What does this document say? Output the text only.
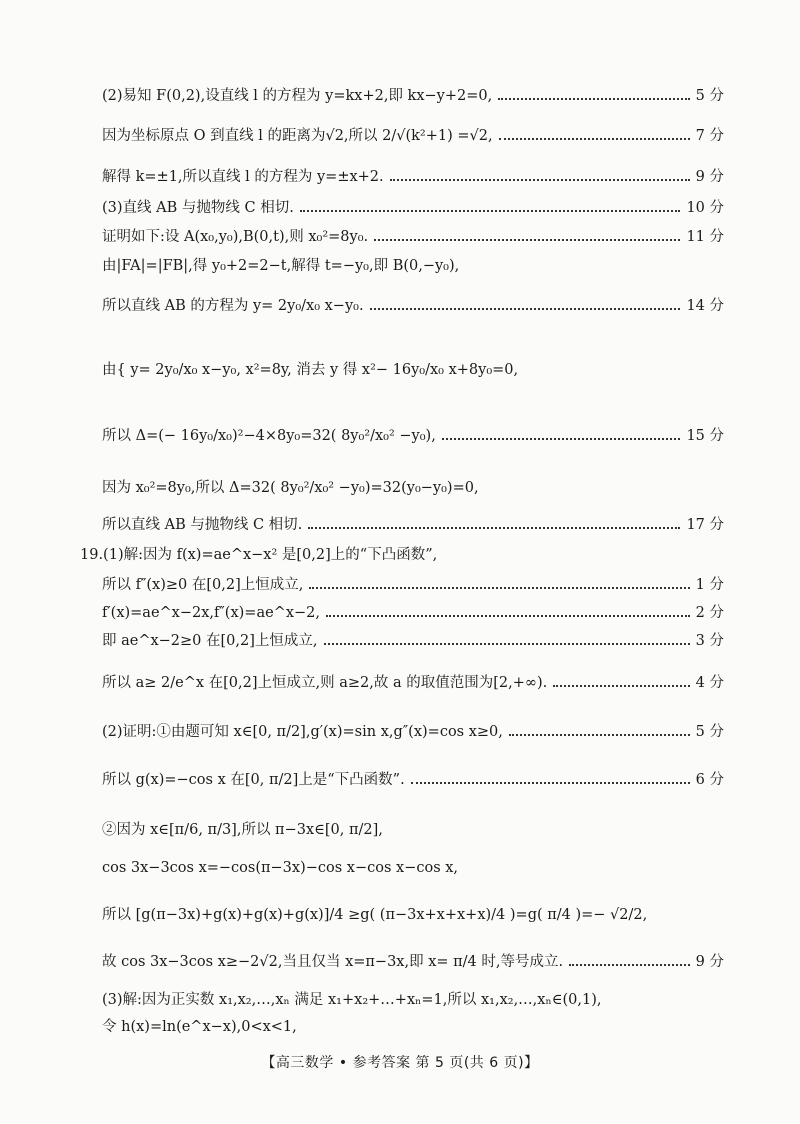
(2)易知 F(0,2),设直线 l 的方程为 y=kx+2,即 kx−y+2=0,	5 分
因为坐标原点 O 到直线 l 的距离为√2,所以 2/√(k²+1) =√2,	7 分
解得 k=±1,所以直线 l 的方程为 y=±x+2.	9 分
(3)直线 AB 与抛物线 C 相切.	10 分
证明如下:设 A(x₀,y₀),B(0,t),则 x₀²=8y₀.	11 分
由|FA|=|FB|,得 y₀+2=2−t,解得 t=−y₀,即 B(0,−y₀),
所以直线 AB 的方程为 y= 2y₀/x₀ x−y₀.	14 分
由{ y= 2y₀/x₀ x−y₀, x²=8y, 消去 y 得 x²− 16y₀/x₀ x+8y₀=0,
所以 Δ=(− 16y₀/x₀)²−4×8y₀=32( 8y₀²/x₀² −y₀),	15 分
因为 x₀²=8y₀,所以 Δ=32( 8y₀²/x₀² −y₀)=32(y₀−y₀)=0,
所以直线 AB 与抛物线 C 相切.	17 分
19.(1)解:因为 f(x)=ae^x−x² 是[0,2]上的“下凸函数”,
所以 f″(x)≥0 在[0,2]上恒成立,	1 分
f′(x)=ae^x−2x,f″(x)=ae^x−2,	2 分
即 ae^x−2≥0 在[0,2]上恒成立,	3 分
所以 a≥ 2/e^x 在[0,2]上恒成立,则 a≥2,故 a 的取值范围为[2,+∞).	4 分
(2)证明:①由题可知 x∈[0, π/2],g′(x)=sin x,g″(x)=cos x≥0,	5 分
所以 g(x)=−cos x 在[0, π/2]上是“下凸函数”.	6 分
②因为 x∈[π/6, π/3],所以 π−3x∈[0, π/2],
cos 3x−3cos x=−cos(π−3x)−cos x−cos x−cos x,
所以 [g(π−3x)+g(x)+g(x)+g(x)]/4 ≥g( (π−3x+x+x+x)/4 )=g( π/4 )=− √2/2,
故 cos 3x−3cos x≥−2√2,当且仅当 x=π−3x,即 x= π/4 时,等号成立.	9 分
(3)解:因为正实数 x₁,x₂,…,xₙ 满足 x₁+x₂+…+xₙ=1,所以 x₁,x₂,…,xₙ∈(0,1),
令 h(x)=ln(e^x−x),0<x<1,
【高三数学 • 参考答案 第 5 页(共 6 页)】
